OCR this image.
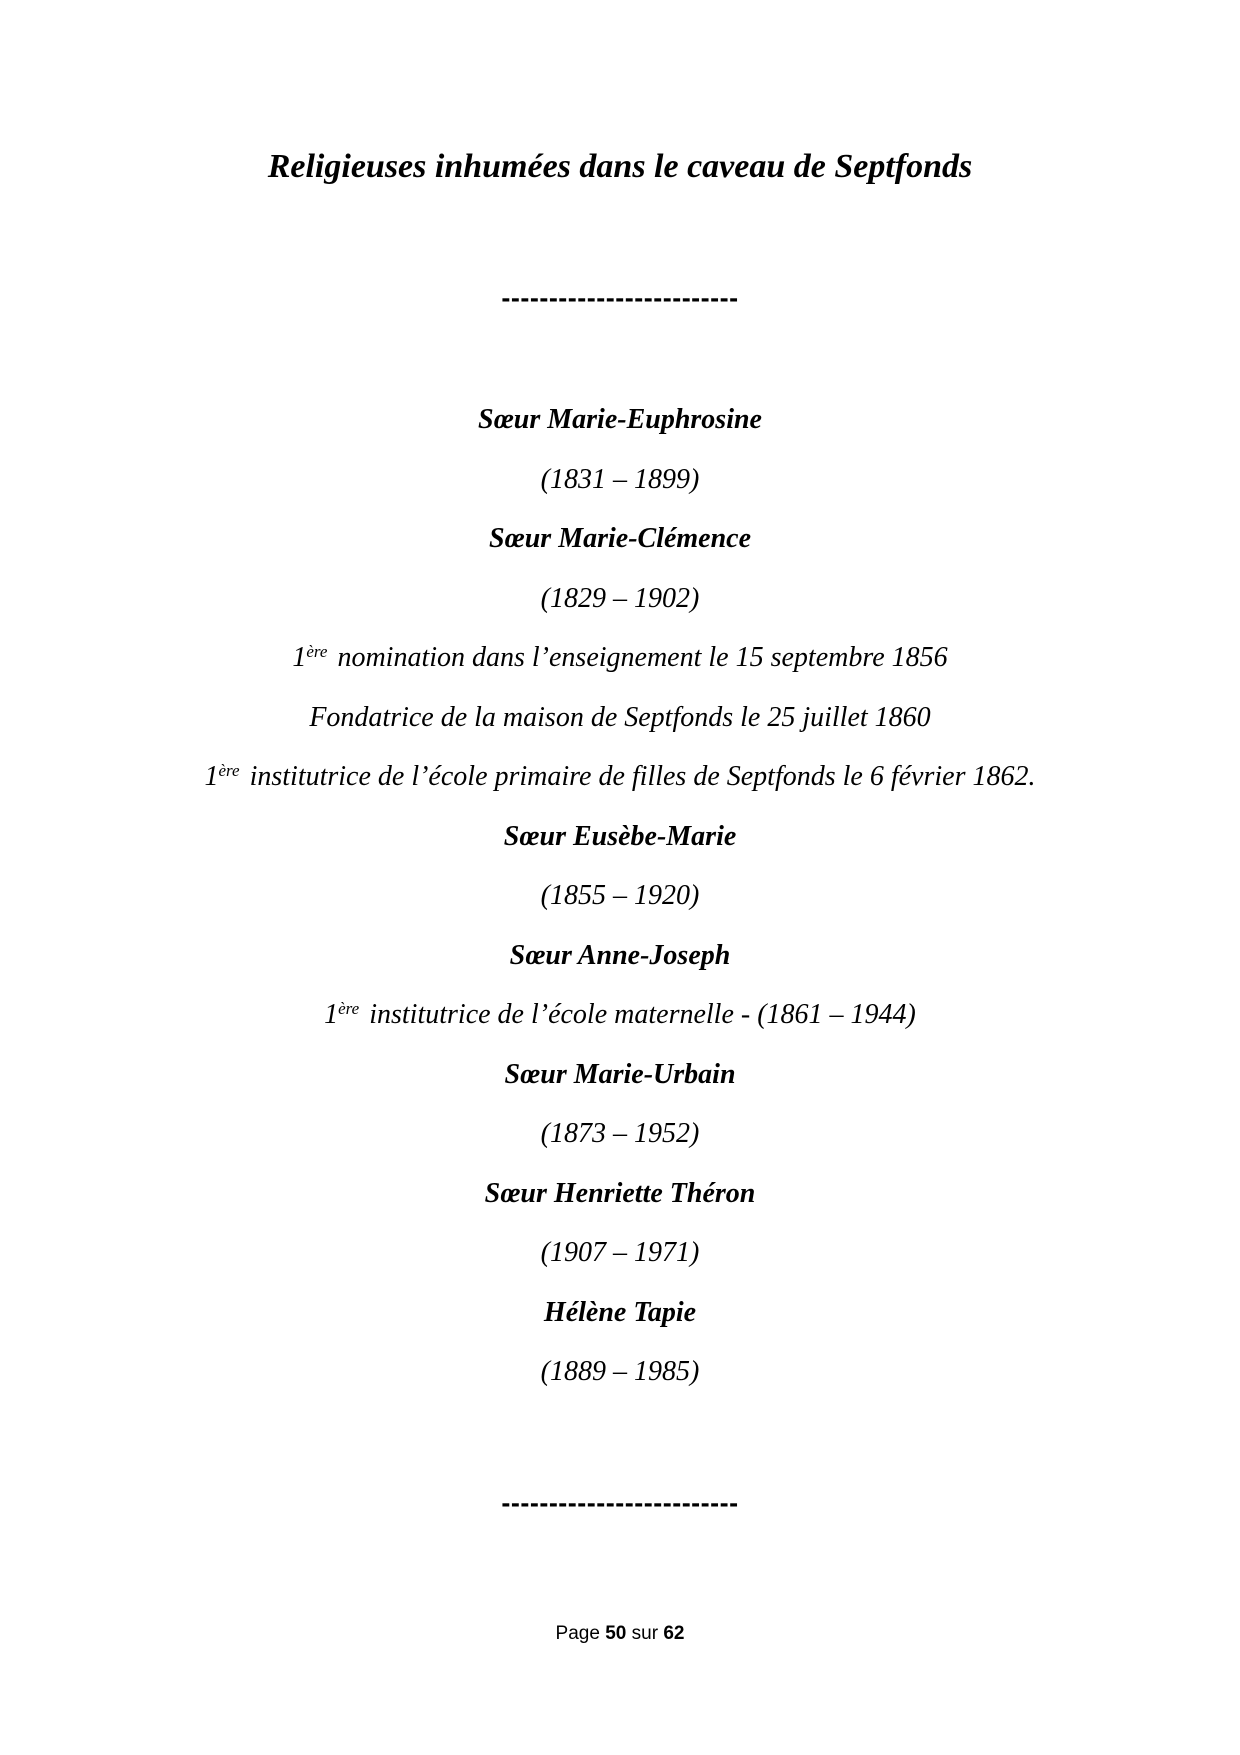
Religieuses inhumées dans le caveau de Septfonds
-------------------------
Sœur Marie-Euphrosine
(1831 – 1899)
Sœur Marie-Clémence
(1829 – 1902)
1ère nomination dans l’enseignement le 15 septembre 1856
Fondatrice de la maison de Septfonds le 25 juillet 1860
1ère institutrice de l’école primaire de filles de Septfonds le 6 février 1862.
Sœur Eusèbe-Marie
(1855 – 1920)
Sœur Anne-Joseph
1ère institutrice de l’école maternelle - (1861 – 1944)
Sœur Marie-Urbain
(1873 – 1952)
Sœur Henriette Théron
(1907 – 1971)
Hélène Tapie
(1889 – 1985)
-------------------------
Page 50 sur 62
